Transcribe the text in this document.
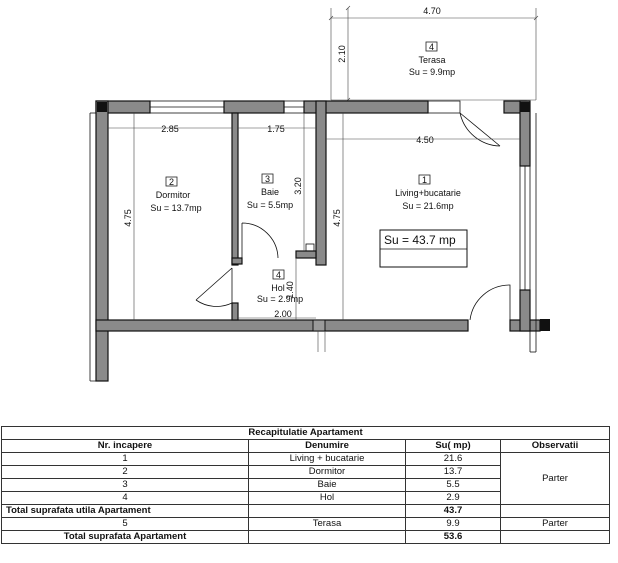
4.70
2.10	4
Terasa
Su = 9.9mp
2.85	1.75
4.50
4.75
3.20
4.75
1.40
2.00
2
Dormitor
Su = 13.7mp
3
Baie
Su = 5.5mp
1
Living+bucatarie
Su = 21.6mp
4
Hol
Su = 2.9mp
Su = 43.7 mp
Recapitulatie Apartament			
Nr. incapere	Denumire	Su( mp)	Observatii
1	Living + bucatarie	21.6	Parter
2	Dormitor	13.7	
3	Baie	5.5	
4	Hol	2.9	
Total suprafata utila Apartament		43.7	
5	Terasa	9.9	Parter
Total suprafata Apartament		53.6	
